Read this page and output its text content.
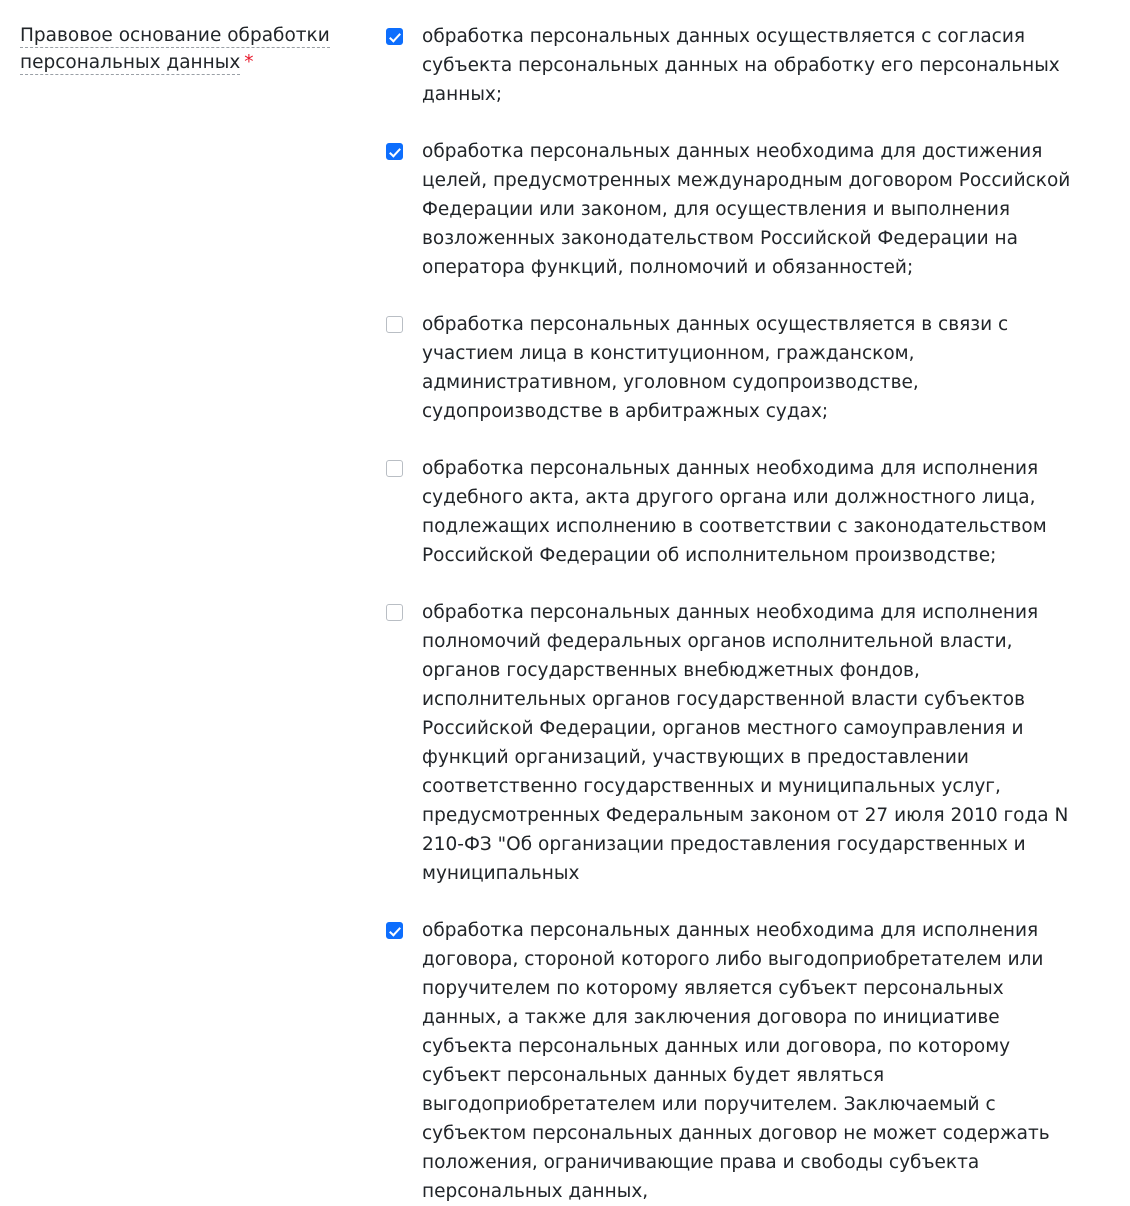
Правовое основание обработки персональных данных *
обработка персональных данных осуществляется с согласия субъекта персональных данных на обработку его персональных данных;
обработка персональных данных необходима для достижения целей, предусмотренных международным договором Российской Федерации или законом, для осуществления и выполнения возложенных законодательством Российской Федерации на оператора функций, полномочий и обязанностей;
обработка персональных данных осуществляется в связи с участием лица в конституционном, гражданском, административном, уголовном судопроизводстве, судопроизводстве в арбитражных судах;
обработка персональных данных необходима для исполнения судебного акта, акта другого органа или должностного лица, подлежащих исполнению в соответствии с законодательством Российской Федерации об исполнительном производстве;
обработка персональных данных необходима для исполнения полномочий федеральных органов исполнительной власти, органов государственных внебюджетных фондов, исполнительных органов государственной власти субъектов Российской Федерации, органов местного самоуправления и функций организаций, участвующих в предоставлении соответственно государственных и муниципальных услуг, предусмотренных Федеральным законом от 27 июля 2010 года N 210-ФЗ "Об организации предоставления государственных и муниципальных
обработка персональных данных необходима для исполнения договора, стороной которого либо выгодоприобретателем или поручителем по которому является субъект персональных данных, а также для заключения договора по инициативе субъекта персональных данных или договора, по которому субъект персональных данных будет являться выгодоприобретателем или поручителем. Заключаемый с субъектом персональных данных договор не может содержать положения, ограничивающие права и свободы субъекта персональных данных,
